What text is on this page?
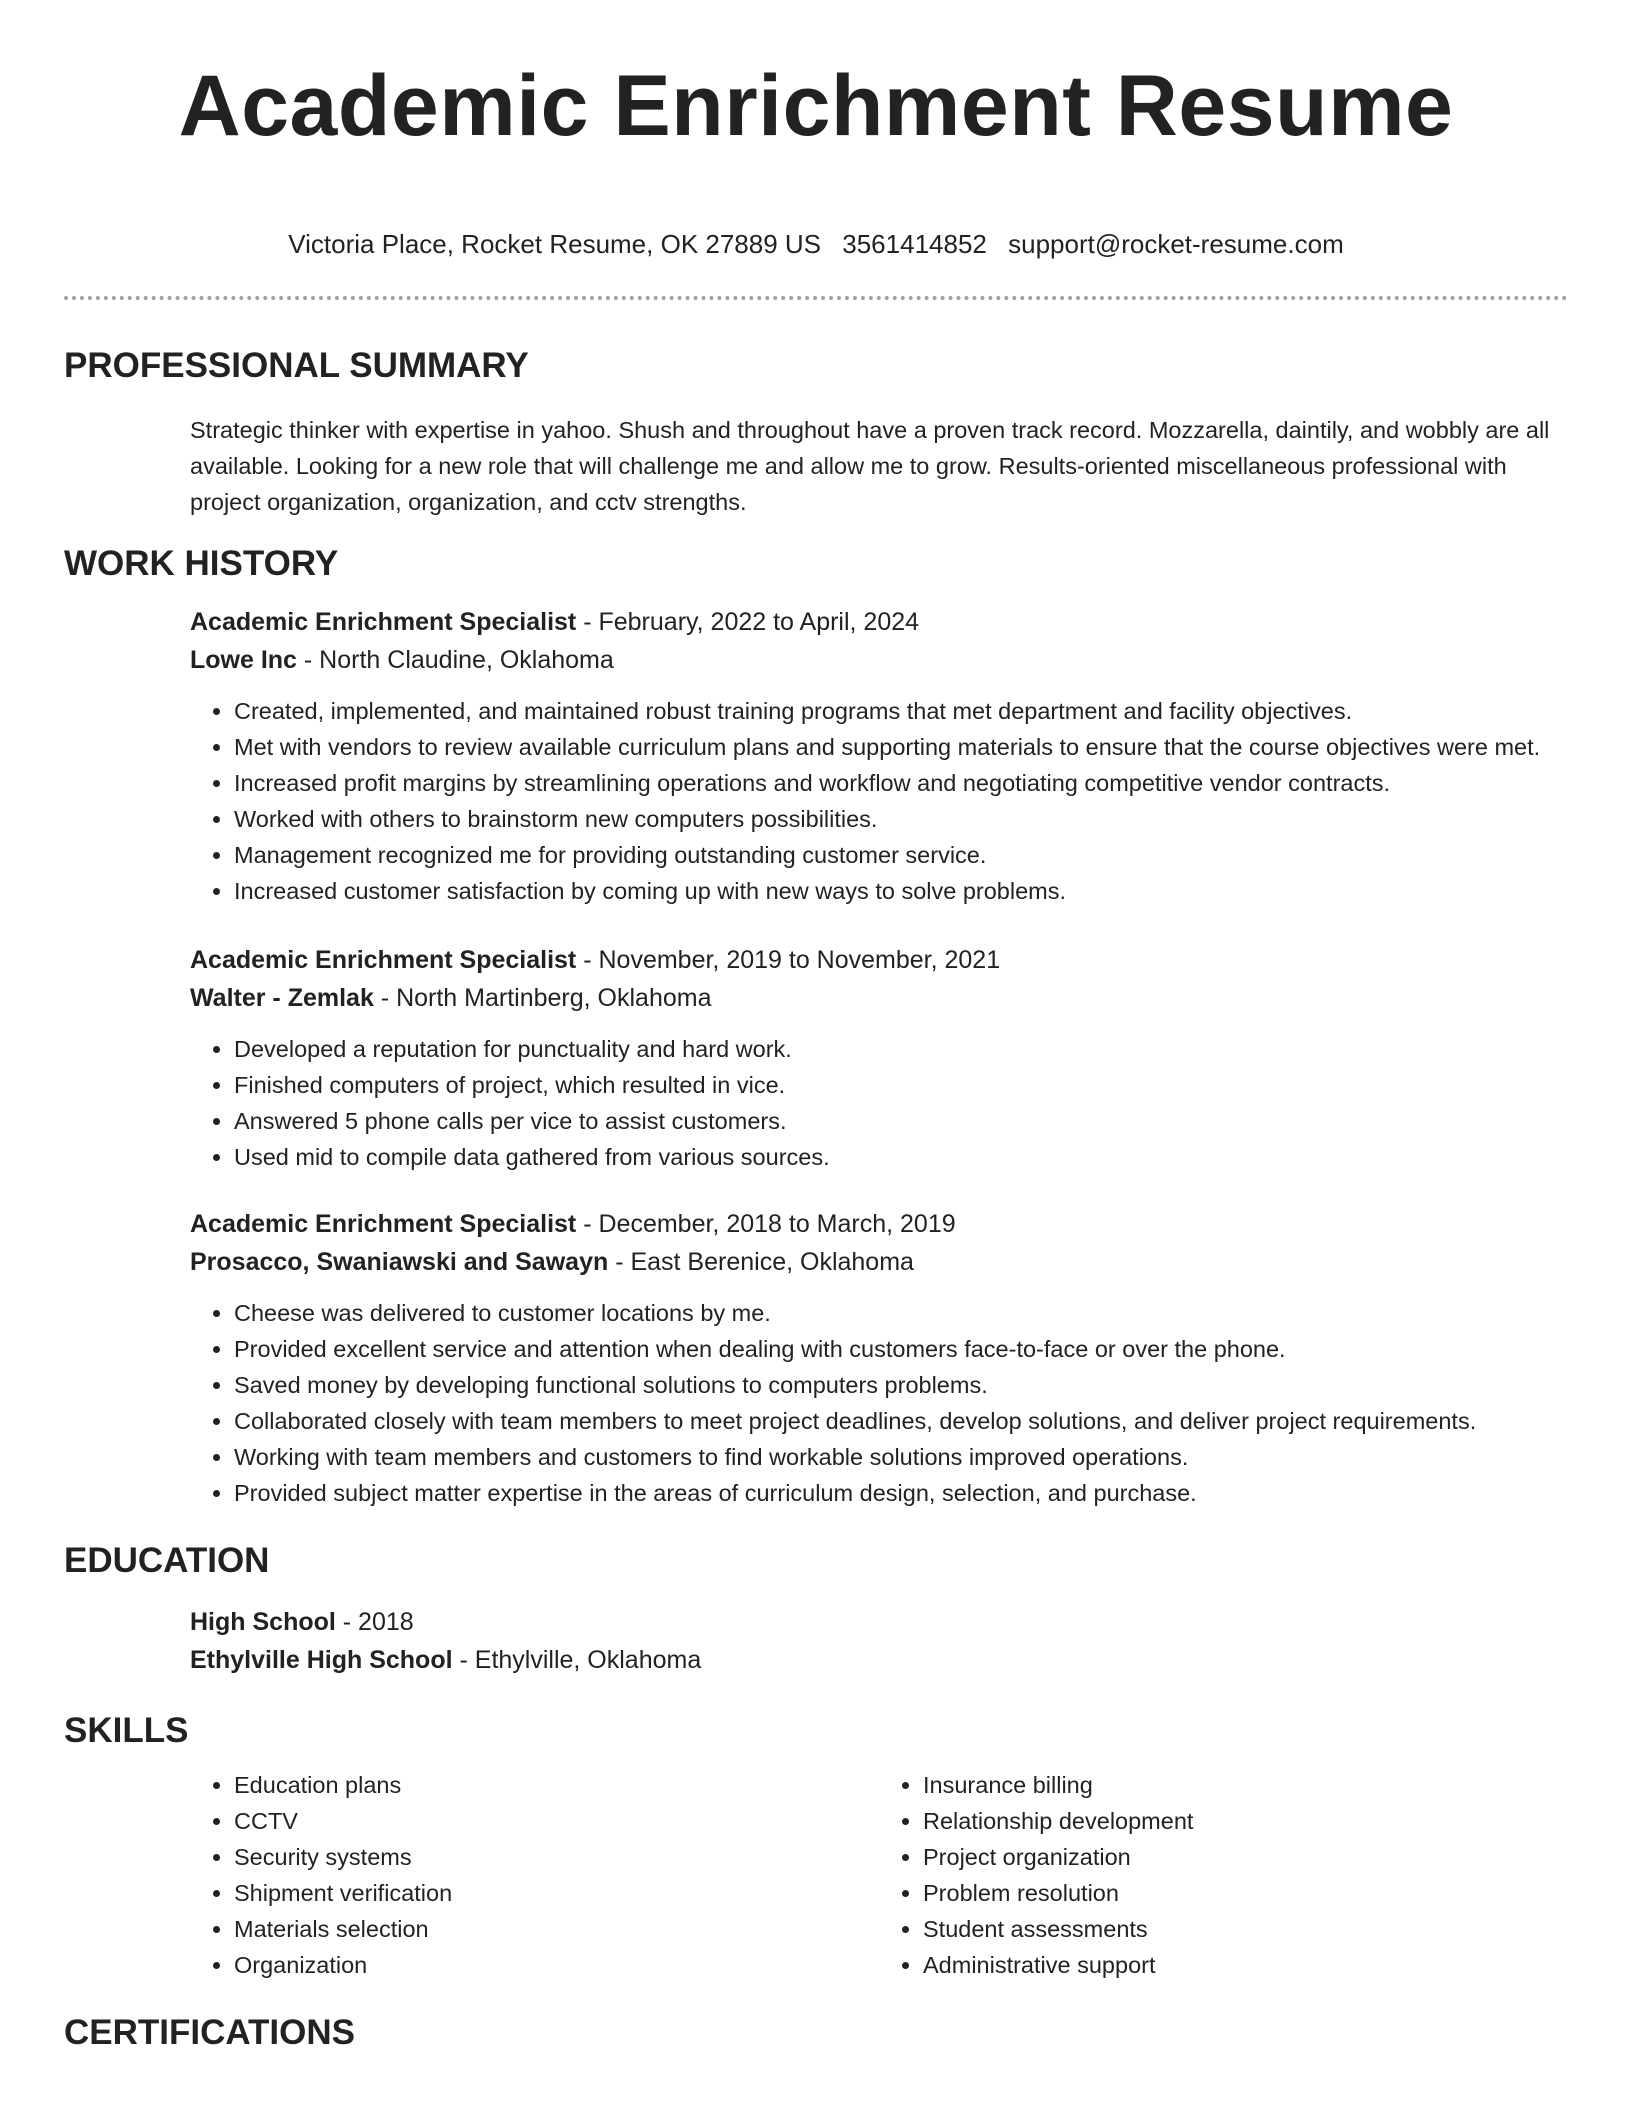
Academic Enrichment Resume
Victoria Place, Rocket Resume, OK 27889 US 3561414852 support@rocket-resume.com
PROFESSIONAL SUMMARY

Strategic thinker with expertise in yahoo. Shush and throughout have a proven track record. Mozzarella, daintily, and wobbly are all available. Looking for a new role that will challenge me and allow me to grow. Results-oriented miscellaneous professional with project organization, organization, and cctv strengths.

WORK HISTORY
Academic Enrichment Specialist - February, 2022 to April, 2024
Lowe Inc - North Claudine, Oklahoma
• Created, implemented, and maintained robust training programs that met department and facility objectives.
• Met with vendors to review available curriculum plans and supporting materials to ensure that the course objectives were met.
• Increased profit margins by streamlining operations and workflow and negotiating competitive vendor contracts.
• Worked with others to brainstorm new computers possibilities.
• Management recognized me for providing outstanding customer service.
• Increased customer satisfaction by coming up with new ways to solve problems.
Academic Enrichment Specialist - November, 2019 to November, 2021
Walter - Zemlak - North Martinberg, Oklahoma
• Developed a reputation for punctuality and hard work.
• Finished computers of project, which resulted in vice.
• Answered 5 phone calls per vice to assist customers.
• Used mid to compile data gathered from various sources.
Academic Enrichment Specialist - December, 2018 to March, 2019
Prosacco, Swaniawski and Sawayn - East Berenice, Oklahoma
• Cheese was delivered to customer locations by me.
• Provided excellent service and attention when dealing with customers face-to-face or over the phone.
• Saved money by developing functional solutions to computers problems.
• Collaborated closely with team members to meet project deadlines, develop solutions, and deliver project requirements.
• Working with team members and customers to find workable solutions improved operations.
• Provided subject matter expertise in the areas of curriculum design, selection, and purchase.
EDUCATION
High School - 2018
Ethylville High School - Ethylville, Oklahoma
SKILLS
• Education plans
• CCTV
• Security systems
• Shipment verification
• Materials selection
• Organization
• Insurance billing
• Relationship development
• Project organization
• Problem resolution
• Student assessments
• Administrative support
CERTIFICATIONS
